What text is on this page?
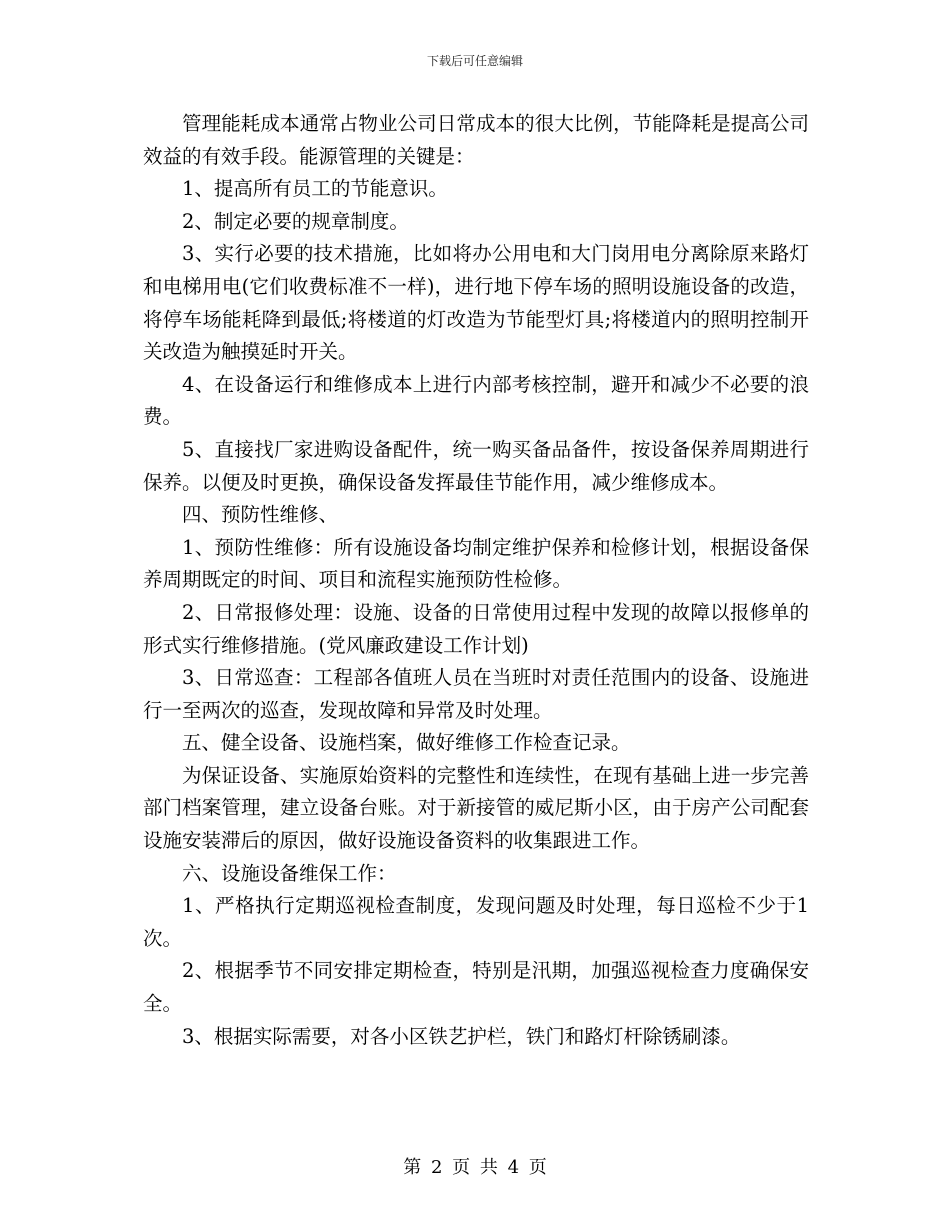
下载后可任意编辑

管理能耗成本通常占物业公司日常成本的很大比例，节能降耗是提高公司效益的有效手段。能源管理的关键是：

1、提高所有员工的节能意识。

2、制定必要的规章制度。

3、实行必要的技术措施，比如将办公用电和大门岗用电分离除原来路灯和电梯用电(它们收费标准不一样)，进行地下停车场的照明设施设备的改造，将停车场能耗降到最低;将楼道的灯改造为节能型灯具;将楼道内的照明控制开关改造为触摸延时开关。

4、在设备运行和维修成本上进行内部考核控制，避开和减少不必要的浪费。

5、直接找厂家进购设备配件，统一购买备品备件，按设备保养周期进行保养。以便及时更换，确保设备发挥最佳节能作用，减少维修成本。

四、预防性维修、

1、预防性维修：所有设施设备均制定维护保养和检修计划，根据设备保养周期既定的时间、项目和流程实施预防性检修。

2、日常报修处理：设施、设备的日常使用过程中发现的故障以报修单的形式实行维修措施。(党风廉政建设工作计划)

3、日常巡查：工程部各值班人员在当班时对责任范围内的设备、设施进行一至两次的巡查，发现故障和异常及时处理。

五、健全设备、设施档案，做好维修工作检查记录。

为保证设备、实施原始资料的完整性和连续性，在现有基础上进一步完善部门档案管理，建立设备台账。对于新接管的威尼斯小区，由于房产公司配套设施安装滞后的原因，做好设施设备资料的收集跟进工作。

六、设施设备维保工作：

1、严格执行定期巡视检查制度，发现问题及时处理，每日巡检不少于1次。

2、根据季节不同安排定期检查，特别是汛期，加强巡视检查力度确保安全。

3、根据实际需要，对各小区铁艺护栏，铁门和路灯杆除锈刷漆。

第 2 页 共 4 页
